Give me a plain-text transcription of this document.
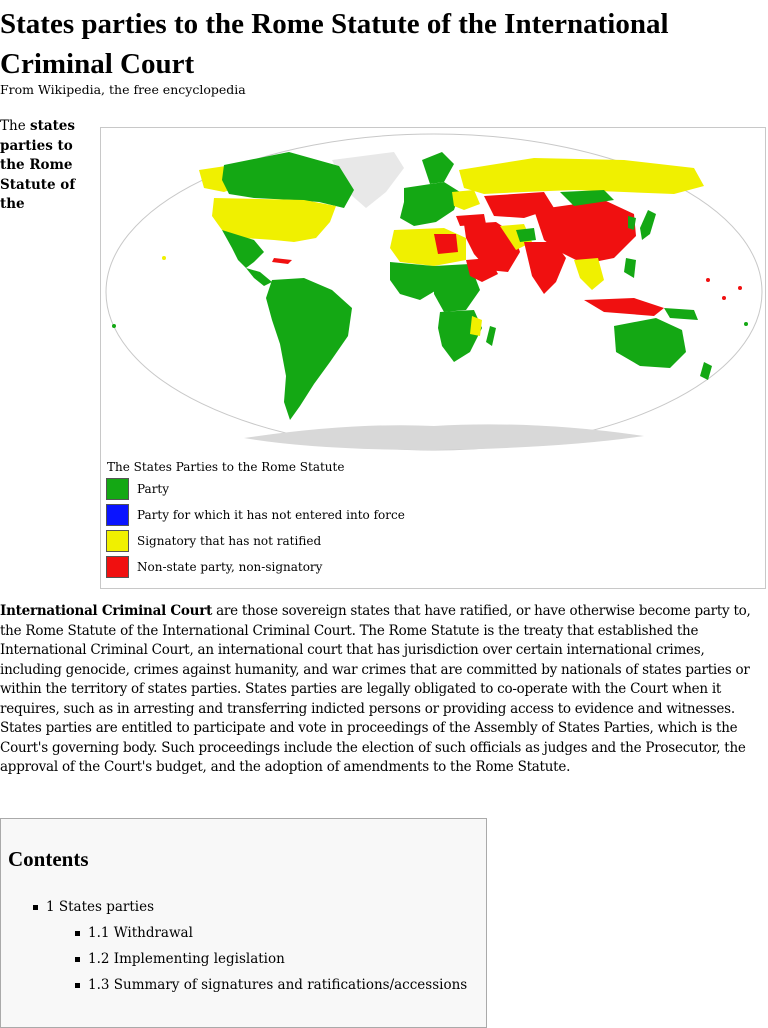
States parties to the Rome Statute of the International Criminal Court
From Wikipedia, the free encyclopedia
The states parties to the Rome Statute of the
The States Parties to the Rome Statute
Party
Party for which it has not entered into force
Signatory that has not ratified
Non-state party, non-signatory

International Criminal Court are those sovereign states that have ratified, or have otherwise become party to, the Rome Statute of the International Criminal Court. The Rome Statute is the treaty that established the International Criminal Court, an international court that has jurisdiction over certain international crimes, including genocide, crimes against humanity, and war crimes that are committed by nationals of states parties or within the territory of states parties. States parties are legally obligated to co-operate with the Court when it requires, such as in arresting and transferring indicted persons or providing access to evidence and witnesses. States parties are entitled to participate and vote in proceedings of the Assembly of States Parties, which is the Court's governing body. Such proceedings include the election of such officials as judges and the Prosecutor, the approval of the Court's budget, and the adoption of amendments to the Rome Statute.

Contents
1 States parties
1.1 Withdrawal
1.2 Implementing legislation
1.3 Summary of signatures and ratifications/accessions
